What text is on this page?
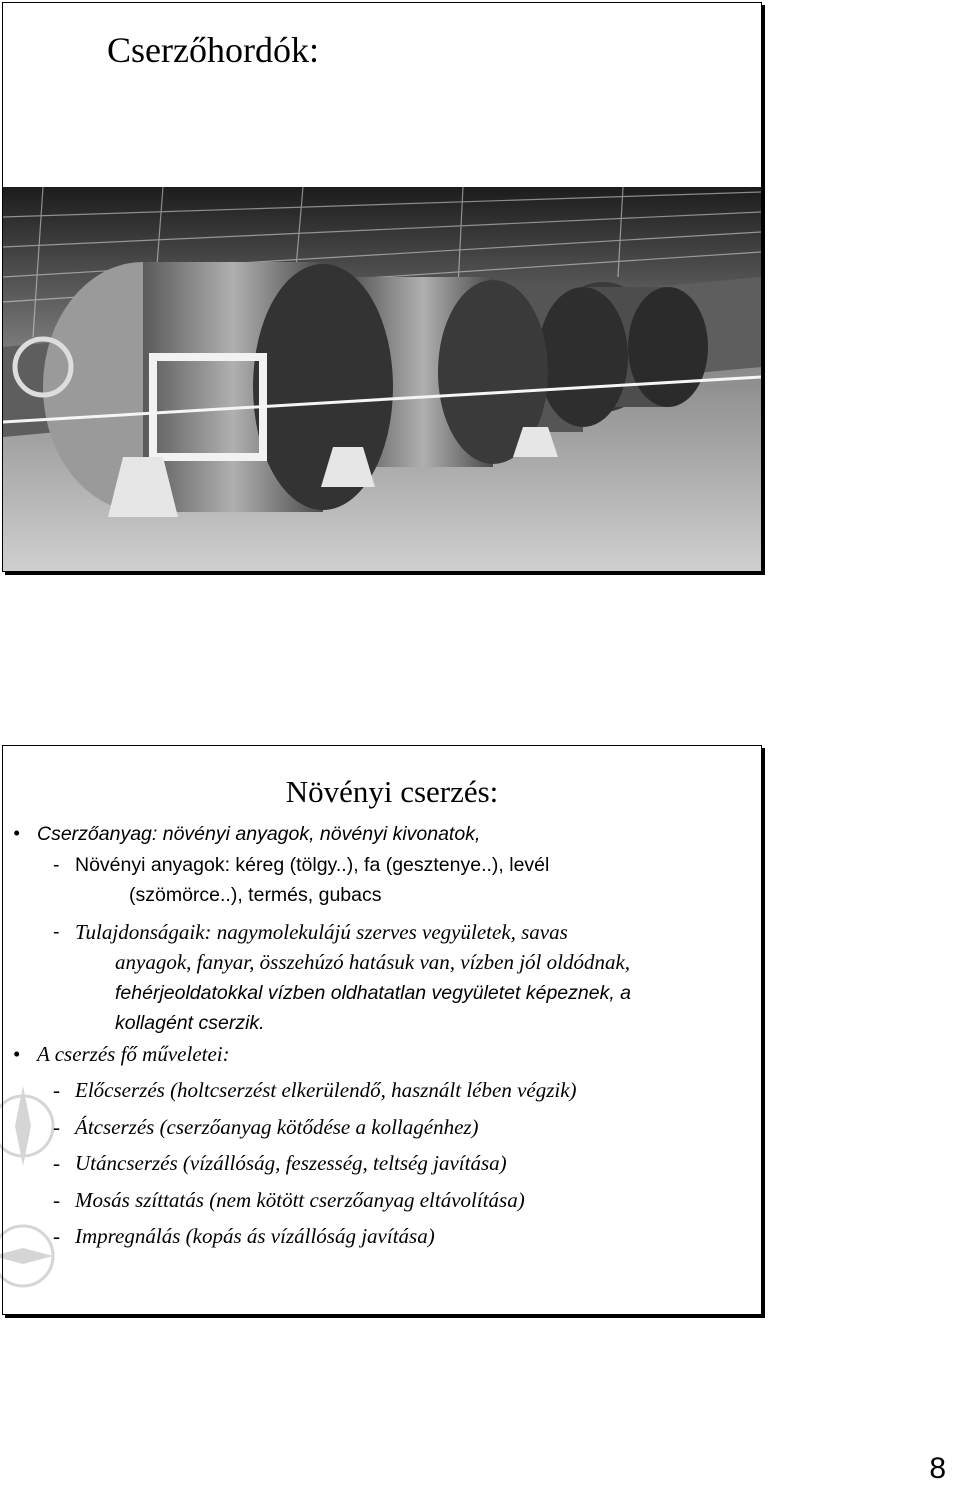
Cserzőhordók:
Növényi cserzés:
• Cserzőanyag: növényi anyagok, növényi kivonatok,
- Növényi anyagok: kéreg (tölgy..), fa (gesztenye..), levél
(szömörce..), termés, gubacs
- Tulajdonságaik: nagymolekulájú szerves vegyületek, savas
anyagok, fanyar, összehúzó hatásuk van, vízben jól oldódnak,
fehérjeoldatokkal vízben oldhatatlan vegyületet képeznek, a
kollagént cserzik.
• A cserzés fő műveletei:
- Előcserzés (holtcserzést elkerülendő, használt lében végzik)
- Átcserzés (cserzőanyag kötődése a kollagénhez)
- Utáncserzés (vízállóság, feszesség, teltség javítása)
- Mosás szíttatás (nem kötött cserzőanyag eltávolítása)
- Impregnálás (kopás ás vízállóság javítása)
8
